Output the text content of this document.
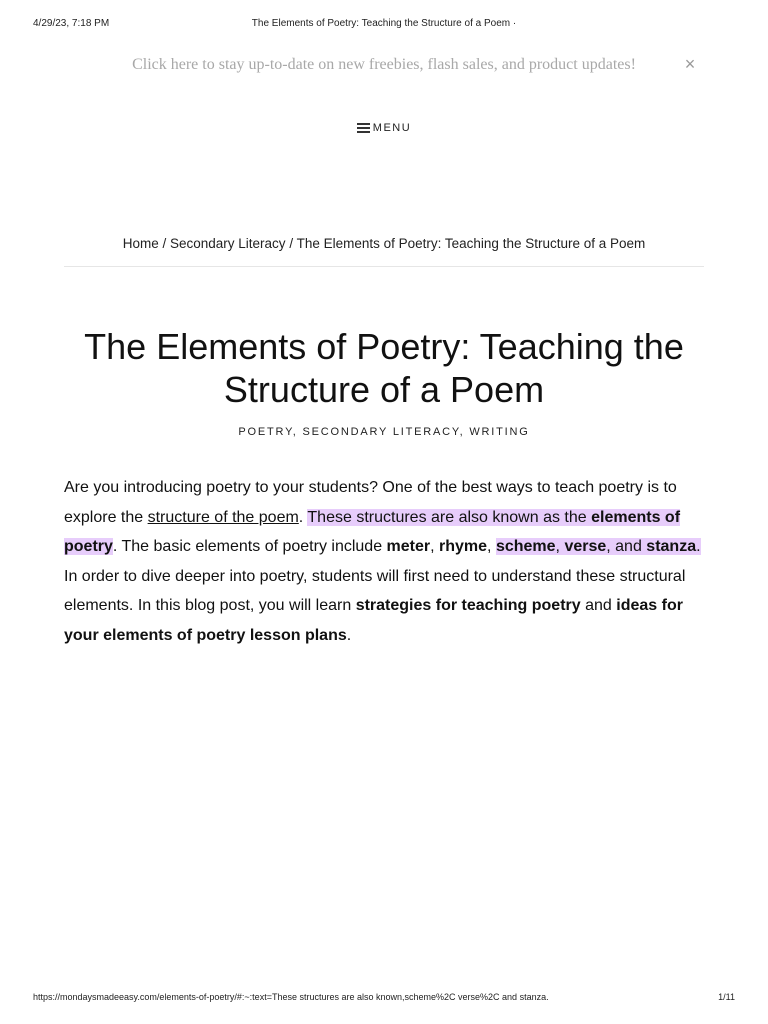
4/29/23, 7:18 PM	The Elements of Poetry: Teaching the Structure of a Poem ·
Click here to stay up-to-date on new freebies, flash sales, and product updates!	×
MENU
Home / Secondary Literacy / The Elements of Poetry: Teaching the Structure of a Poem
The Elements of Poetry: Teaching the Structure of a Poem
POETRY, SECONDARY LITERACY, WRITING

Are you introducing poetry to your students? One of the best ways to teach poetry is to explore the structure of the poem. These structures are also known as the elements of poetry. The basic elements of poetry include meter, rhyme, scheme, verse, and stanza. In order to dive deeper into poetry, students will first need to understand these structural elements. In this blog post, you will learn strategies for teaching poetry and ideas for your elements of poetry lesson plans.

https://mondaysmadeeasy.com/elements-of-poetry/#:~:text=These structures are also known,scheme%2C verse%2C and stanza.	1/11
